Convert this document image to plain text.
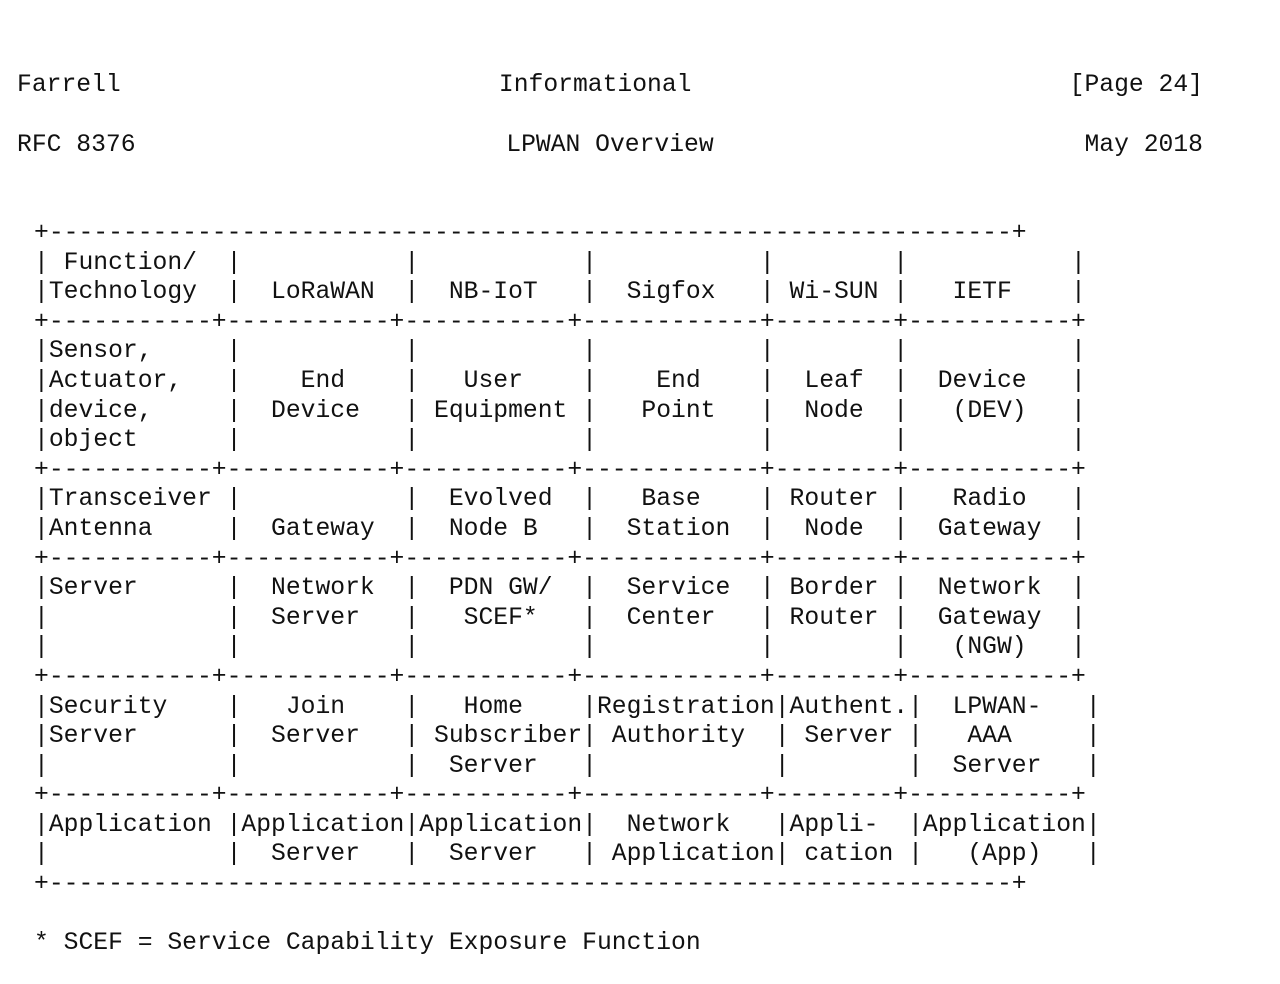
Farrell	Informational	[Page 24]
RFC 8376	LPWAN Overview	May 2018
+-----------------------------------------------------------------+
| Function/  |           |           |           |        |           |
|Technology  |  LoRaWAN  |  NB-IoT   |  Sigfox   | Wi-SUN |   IETF    |
+-----------+-----------+-----------+------------+--------+-----------+
|Sensor,     |           |           |           |        |           |
|Actuator,   |    End    |   User    |    End    |  Leaf  |  Device   |
|device,     |  Device   | Equipment |   Point   |  Node  |   (DEV)   |
|object      |           |           |           |        |           |
+-----------+-----------+-----------+------------+--------+-----------+
|Transceiver |           |  Evolved  |   Base    | Router |   Radio   |
|Antenna     |  Gateway  |  Node B   |  Station  |  Node  |  Gateway  |
+-----------+-----------+-----------+------------+--------+-----------+
|Server      |  Network  |  PDN GW/  |  Service  | Border |  Network  |
|            |  Server   |   SCEF*   |  Center   | Router |  Gateway  |
|            |           |           |           |        |   (NGW)   |
+-----------+-----------+-----------+------------+--------+-----------+
|Security    |   Join    |   Home    |Registration|Authent.|  LPWAN-   |
|Server      |  Server   | Subscriber| Authority  | Server |   AAA     |
|            |           |  Server   |            |        |  Server   |
+-----------+-----------+-----------+------------+--------+-----------+
|Application |Application|Application|  Network   |Appli-  |Application|
|            |  Server   |  Server   | Application| cation |   (App)   |
+-----------------------------------------------------------------+
* SCEF = Service Capability Exposure Function
